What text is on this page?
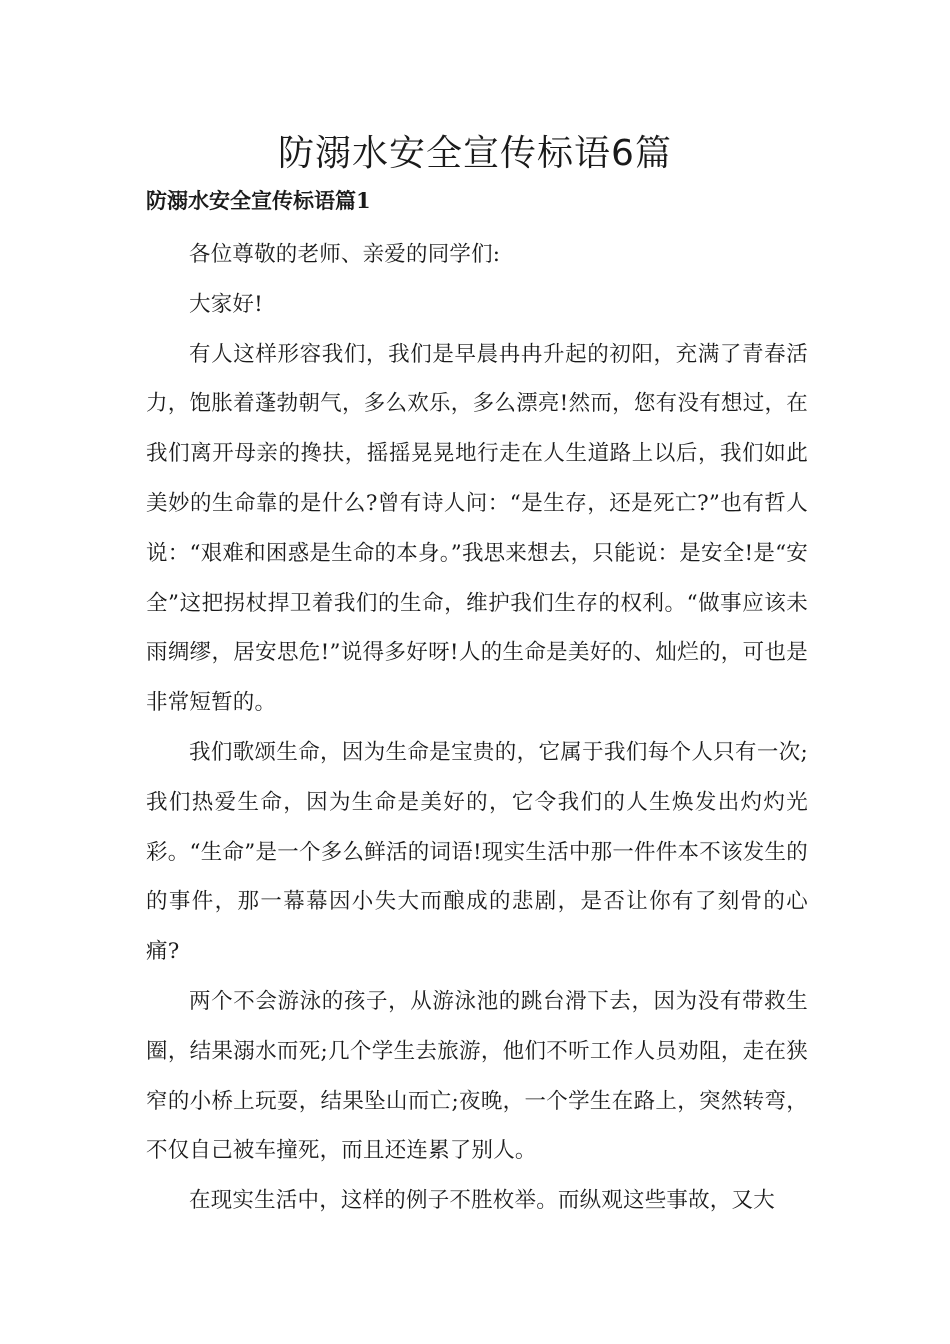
防溺水安全宣传标语6篇
防溺水安全宣传标语篇1

各位尊敬的老师、亲爱的同学们:

大家好!

有人这样形容我们，我们是早晨冉冉升起的初阳，充满了青春活力，饱胀着蓬勃朝气，多么欢乐，多么漂亮!然而，您有没有想过，在我们离开母亲的搀扶，摇摇晃晃地行走在人生道路上以后，我们如此美妙的生命靠的是什么?曾有诗人问：“是生存，还是死亡?”也有哲人说：“艰难和困惑是生命的本身。”我思来想去，只能说：是安全!是“安全”这把拐杖捍卫着我们的生命，维护我们生存的权利。“做事应该未雨绸缪，居安思危!”说得多好呀!人的生命是美好的、灿烂的，可也是非常短暂的。

我们歌颂生命，因为生命是宝贵的，它属于我们每个人只有一次;我们热爱生命，因为生命是美好的，它令我们的人生焕发出灼灼光彩。“生命”是一个多么鲜活的词语!现实生活中那一件件本不该发生的的事件，那一幕幕因小失大而酿成的悲剧，是否让你有了刻骨的心痛?

两个不会游泳的孩子，从游泳池的跳台滑下去，因为没有带救生圈，结果溺水而死;几个学生去旅游，他们不听工作人员劝阻，走在狭窄的小桥上玩耍，结果坠山而亡;夜晚，一个学生在路上，突然转弯，不仅自己被车撞死，而且还连累了别人。

在现实生活中，这样的例子不胜枚举。而纵观这些事故，又大
